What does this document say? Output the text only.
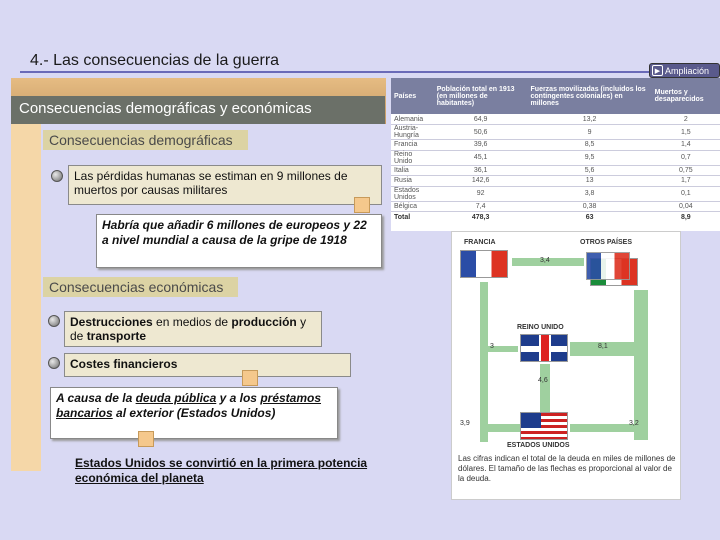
4.- Las consecuencias de la guerra
▶ Ampliación
Consecuencias demográficas y económicas
Consecuencias demográficas
Las pérdidas humanas se estiman en 9 millones de muertos por causas militares
Habría que añadir 6 millones de europeos y 22 a nivel mundial a causa de la gripe de 1918
Consecuencias económicas
Destrucciones en medios de producción y de transporte
Costes financieros
A causa de la deuda pública y a los préstamos bancarios al exterior (Estados Unidos)
Estados Unidos se convirtió en la primera potencia económica del planeta
Países	Población total en 1913 (en millones de habitantes)	Fuerzas movilizadas (incluidos los contingentes coloniales) en millones	Muertos y desaparecidos
Alemania	64,9	13,2	2
Austria-Hungría	50,6	9	1,5
Francia	39,6	8,5	1,4
Reino Unido	45,1	9,5	0,7
Italia	36,1	5,6	0,75
Rusia	142,6	13	1,7
Estados Unidos	92	3,8	0,1
Bélgica	7,4	0,38	0,04
Total	478,3	63	8,9
FRANCIA	OTROS PAÍSES
3,4
REINO UNIDO
3	8,1
4,6
3,9	3,2
ESTADOS UNIDOS
Las cifras indican el total de la deuda en miles de millones de dólares. El tamaño de las flechas es proporcional al valor de la deuda.
